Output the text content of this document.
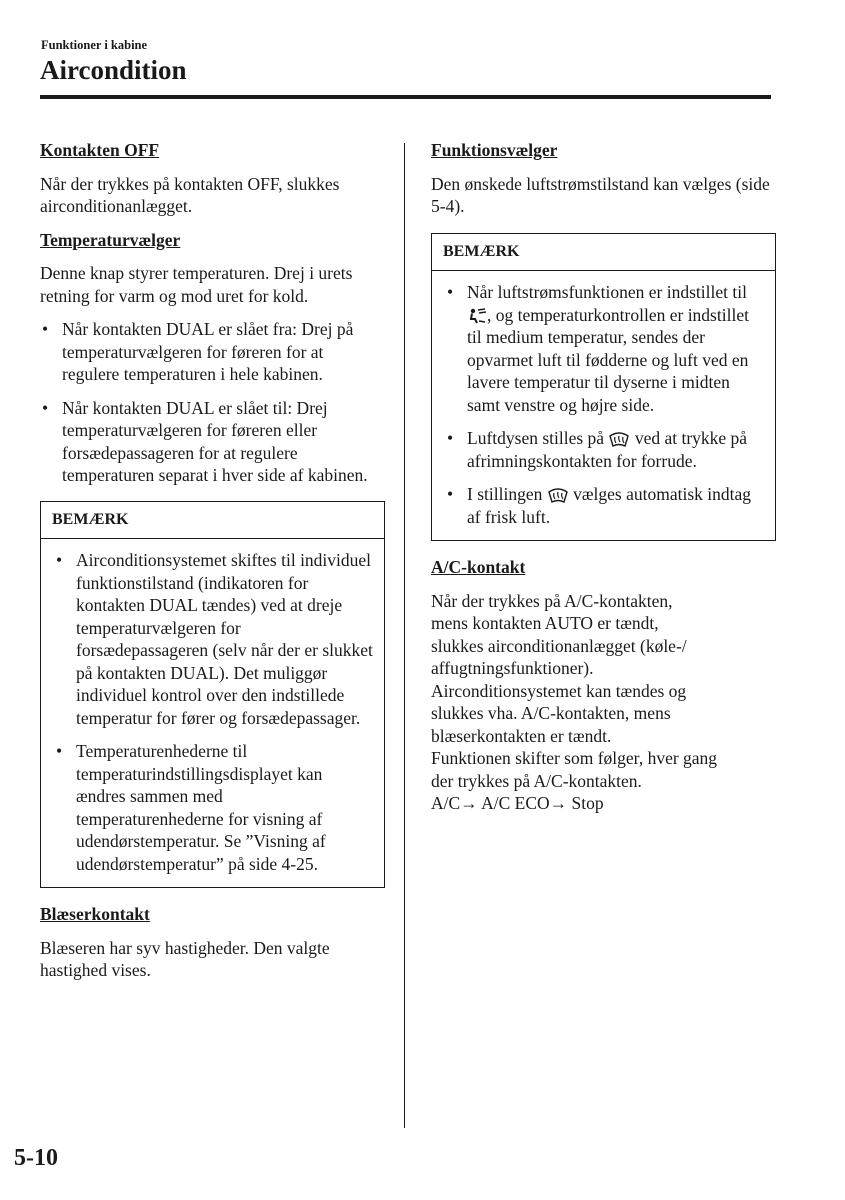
Funktioner i kabine
Aircondition
Kontakten OFF

Når der trykkes på kontakten OFF, slukkes airconditionanlægget.

Temperaturvælger

Denne knap styrer temperaturen. Drej i urets retning for varm og mod uret for kold.

• Når kontakten DUAL er slået fra: Drej på temperaturvælgeren for føreren for at regulere temperaturen i hele kabinen.
• Når kontakten DUAL er slået til: Drej temperaturvælgeren for føreren eller forsædepassageren for at regulere temperaturen separat i hver side af kabinen.
BEMÆRK
• Airconditionsystemet skiftes til individuel funktionstilstand (indikatoren for kontakten DUAL tændes) ved at dreje temperaturvælgeren for forsædepassageren (selv når der er slukket på kontakten DUAL). Det muliggør individuel kontrol over den indstillede temperatur for fører og forsædepassager.
• Temperaturenhederne til temperaturindstillingsdisplayet kan ændres sammen med temperaturenhederne for visning af udendørstemperatur. Se ”Visning af udendørstemperatur” på side 4-25.
Blæserkontakt

Blæseren har syv hastigheder. Den valgte hastighed vises.

Funktionsvælger

Den ønskede luftstrømstilstand kan vælges (side 5-4).

BEMÆRK
• Når luftstrømsfunktionen er indstillet til , og temperaturkontrollen er indstillet til medium temperatur, sendes der opvarmet luft til fødderne og luft ved en lavere temperatur til dyserne i midten samt venstre og højre side.
• Luftdysen stilles på ved at trykke på afrimningskontakten for forrude.
• I stillingen vælges automatisk indtag af frisk luft.
A/C-kontakt
Når der trykkes på A/C-kontakten,
mens kontakten AUTO er tændt,
slukkes airconditionanlægget (køle-/
affugtningsfunktioner).
Airconditionsystemet kan tændes og
slukkes vha. A/C-kontakten, mens
blæserkontakten er tændt.
Funktionen skifter som følger, hver gang
der trykkes på A/C-kontakten.
A/C→ A/C ECO→ Stop
5-10
